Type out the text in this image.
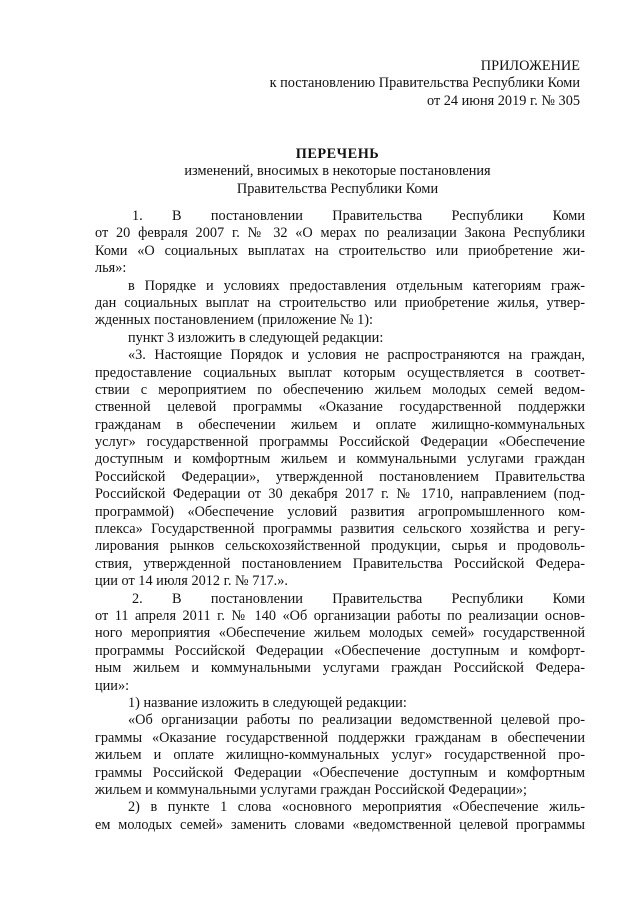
ПРИЛОЖЕНИЕ
к постановлению Правительства Республики Коми
от 24 июня 2019 г. № 305
ПЕРЕЧЕНЬ
изменений, вносимых в некоторые постановления
Правительства Республики Коми
1. В постановлении Правительства Республики Коми
от 20 февраля 2007 г. № 32 «О мерах по реализации Закона Республики
Коми «О социальных выплатах на строительство или приобретение жи-
лья»:
в Порядке и условиях предоставления отдельным категориям граж-
дан социальных выплат на строительство или приобретение жилья, утвер-
жденных постановлением (приложение № 1):
пункт 3 изложить в следующей редакции:
«3. Настоящие Порядок и условия не распространяются на граждан,
предоставление социальных выплат которым осуществляется в соответ-
ствии с мероприятием по обеспечению жильем молодых семей ведом-
ственной целевой программы «Оказание государственной поддержки
гражданам в обеспечении жильем и оплате жилищно-коммунальных
услуг» государственной программы Российской Федерации «Обеспечение
доступным и комфортным жильем и коммунальными услугами граждан
Российской Федерации», утвержденной постановлением Правительства
Российской Федерации от 30 декабря 2017 г. № 1710, направлением (под-
программой) «Обеспечение условий развития агропромышленного ком-
плекса» Государственной программы развития сельского хозяйства и регу-
лирования рынков сельскохозяйственной продукции, сырья и продоволь-
ствия, утвержденной постановлением Правительства Российской Федера-
ции от 14 июля 2012 г. № 717.».
2. В постановлении Правительства Республики Коми
от 11 апреля 2011 г. № 140 «Об организации работы по реализации основ-
ного мероприятия «Обеспечение жильем молодых семей» государственной
программы Российской Федерации «Обеспечение доступным и комфорт-
ным жильем и коммунальными услугами граждан Российской Федера-
ции»:
1) название изложить в следующей редакции:
«Об организации работы по реализации ведомственной целевой про-
граммы «Оказание государственной поддержки гражданам в обеспечении
жильем и оплате жилищно-коммунальных услуг» государственной про-
граммы Российской Федерации «Обеспечение доступным и комфортным
жильем и коммунальными услугами граждан Российской Федерации»;
2) в пункте 1 слова «основного мероприятия «Обеспечение жиль-
ем молодых семей» заменить словами «ведомственной целевой программы
